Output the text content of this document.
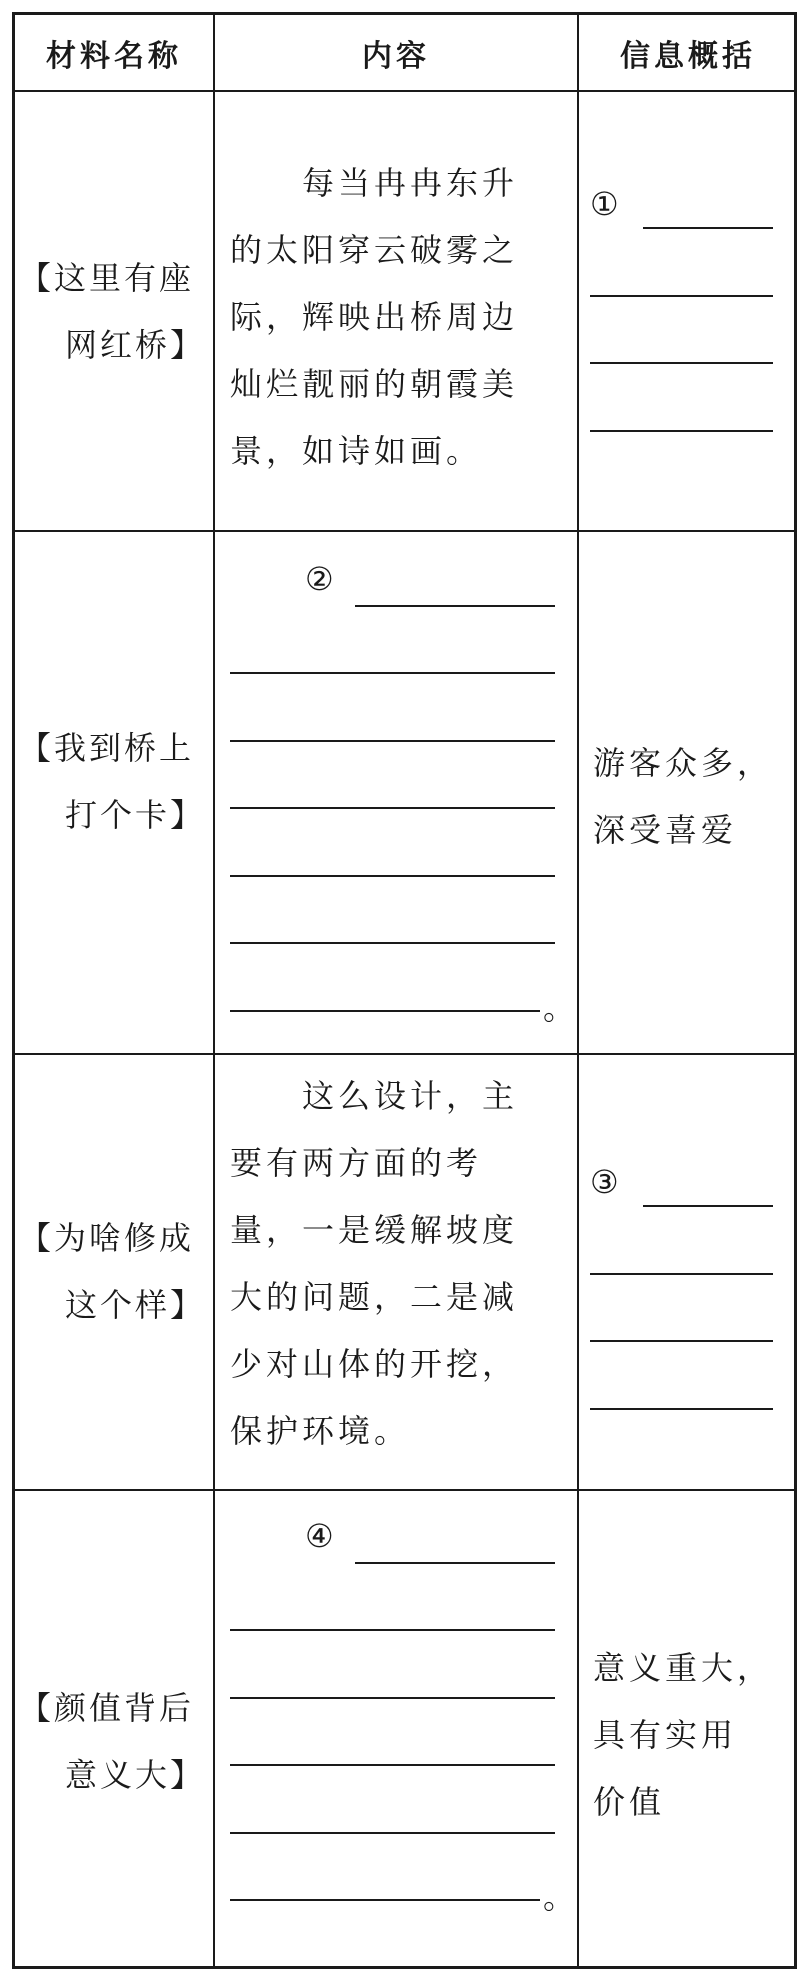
材料名称	内容	信息概括
【这里有座
网红桥】
　　每当冉冉东升
的太阳穿云破雾之
际，辉映出桥周边
灿烂靓丽的朝霞美
景，如诗如画。
①
【我到桥上
打个卡】
②
。
游客众多，
深受喜爱
【为啥修成
这个样】
　　这么设计，主
要有两方面的考
量，一是缓解坡度
大的问题，二是减
少对山体的开挖，
保护环境。
③
【颜值背后
意义大】
④
。
意义重大，
具有实用
价值
